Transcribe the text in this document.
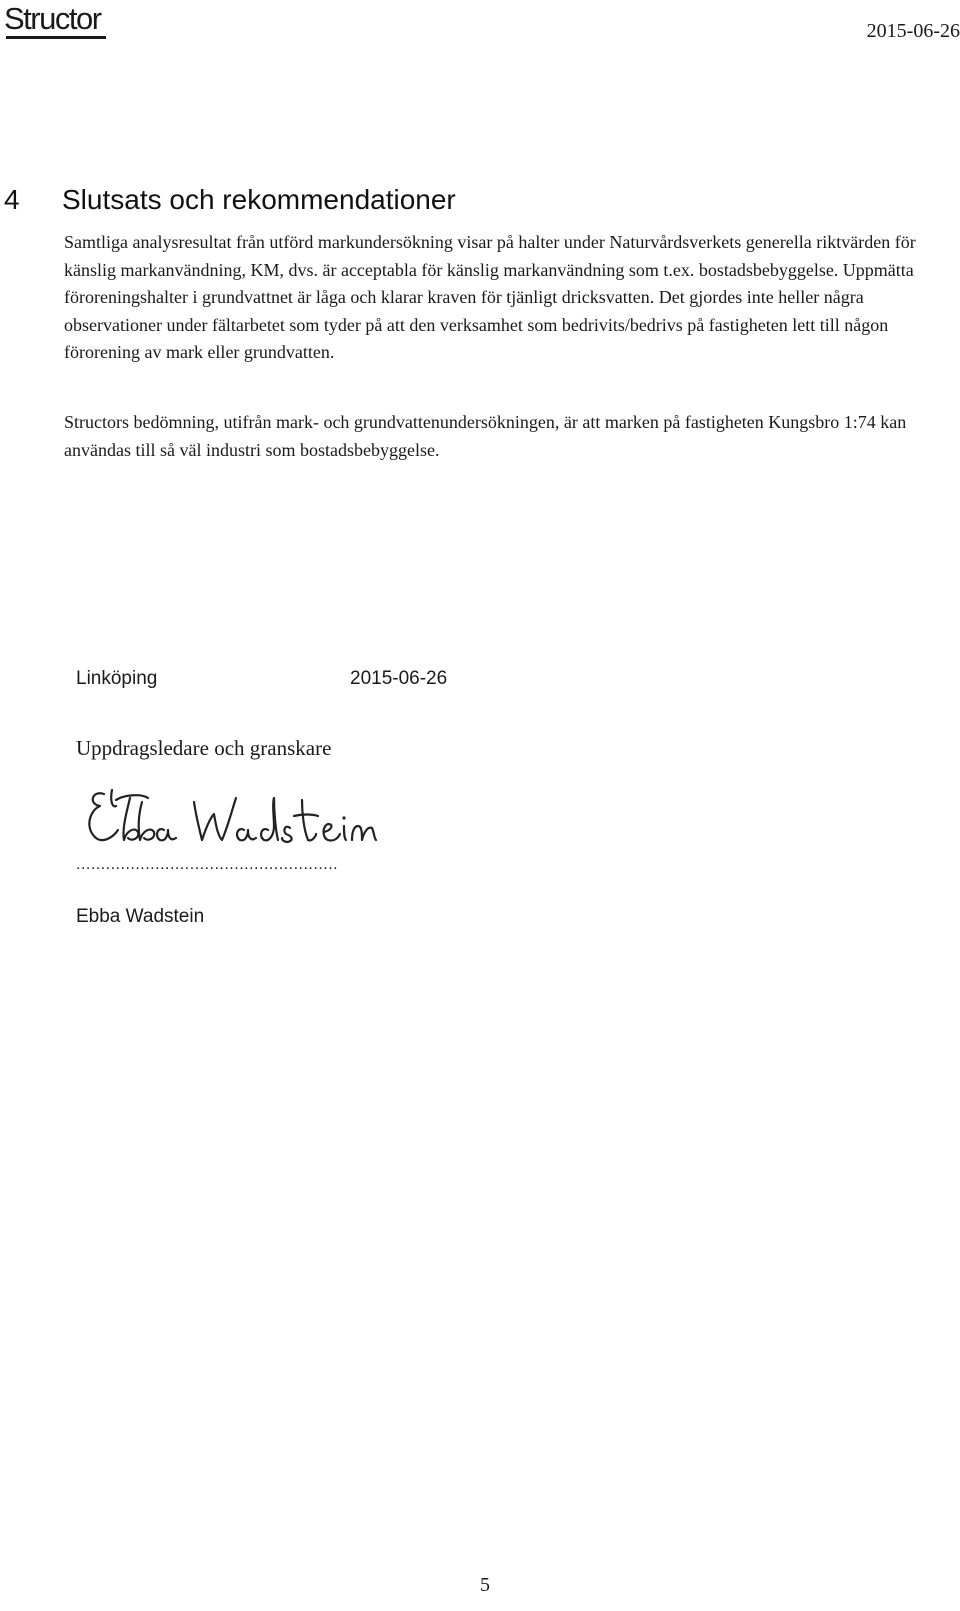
Structor	2015-06-26
4 Slutsats och rekommendationer

Samtliga analysresultat från utförd markundersökning visar på halter under Naturvårdsverkets generella riktvärden för känslig markanvändning, KM, dvs. är acceptabla för känslig markanvändning som t.ex. bostadsbebyggelse. Uppmätta föroreningshalter i grundvattnet är låga och klarar kraven för tjänligt dricksvatten. Det gjordes inte heller några observationer under fältarbetet som tyder på att den verksamhet som bedrivits/bedrivs på fastigheten lett till någon förorening av mark eller grundvatten.

Structors bedömning, utifrån mark- och grundvattenundersökningen, är att marken på fastigheten Kungsbro 1:74 kan användas till så väl industri som bostadsbebyggelse.

Linköping	2015-06-26
Uppdragsledare och granskare
.....................................................
Ebba Wadstein
5
